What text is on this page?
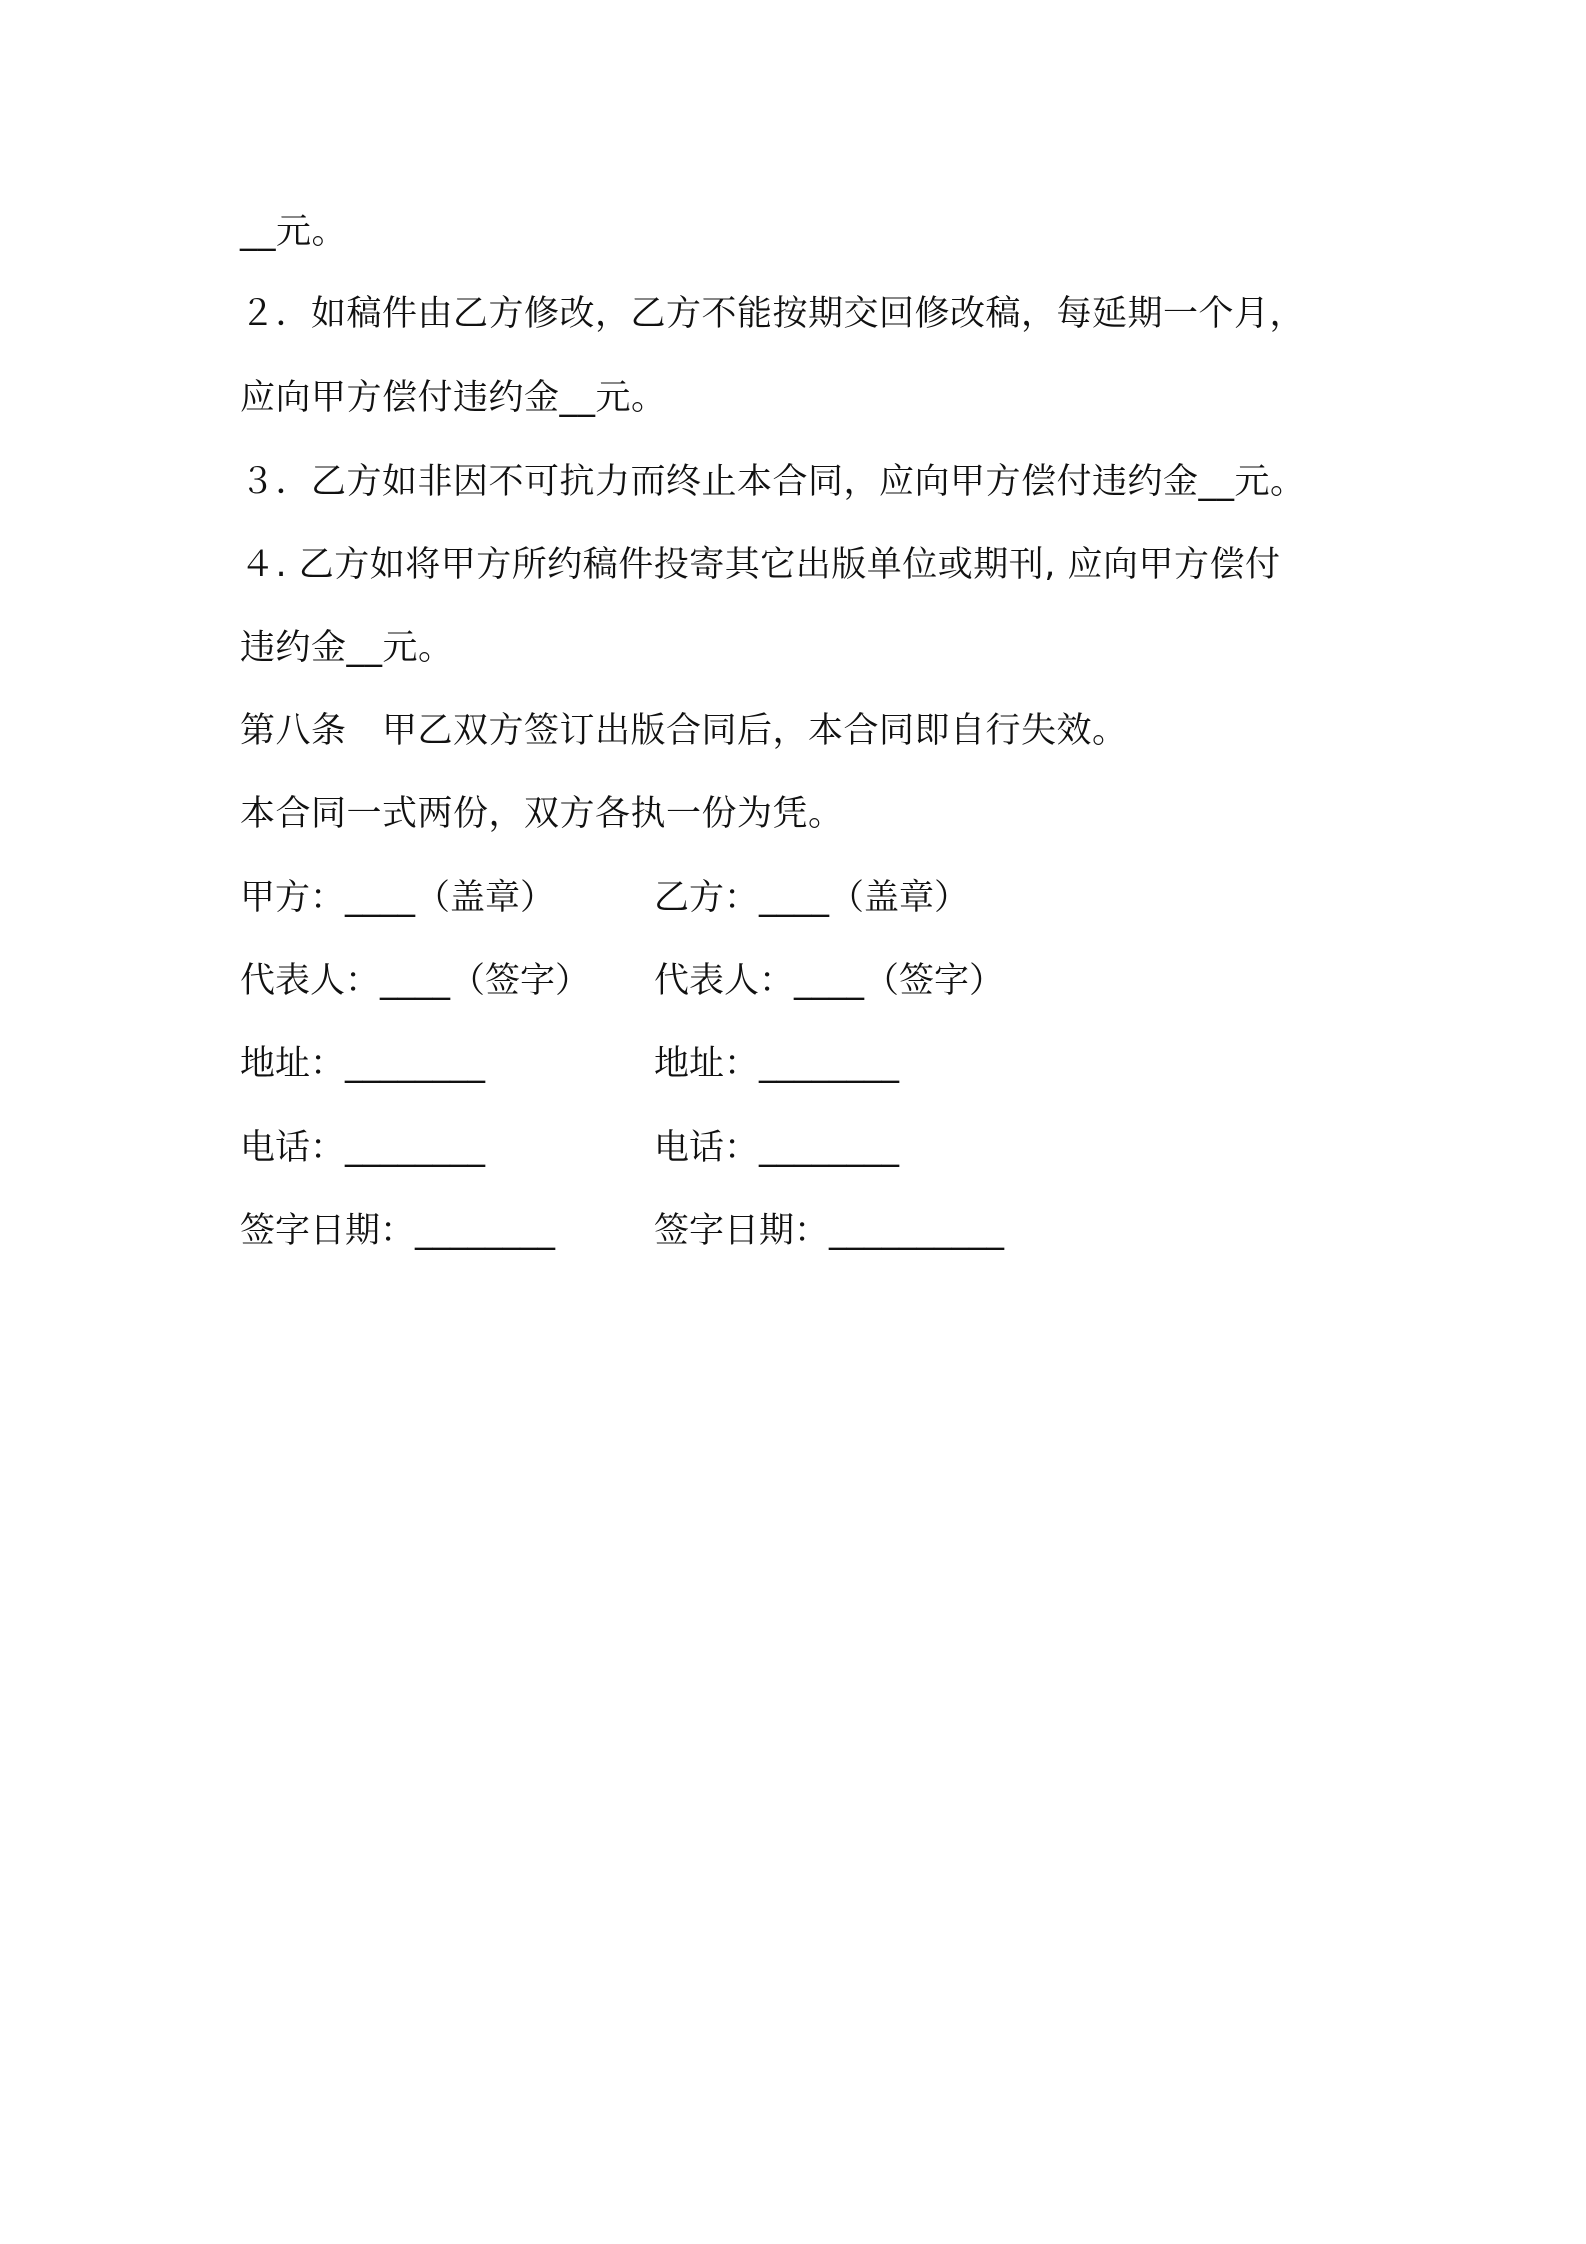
__元。
２．如稿件由乙方修改，乙方不能按期交回修改稿，每延期一个月，
应向甲方偿付违约金__元。
３．乙方如非因不可抗力而终止本合同，应向甲方偿付违约金__元。
４. 乙方如将甲方所约稿件投寄其它出版单位或期刊, 应向甲方偿付
违约金__元。
第八条　甲乙双方签订出版合同后，本合同即自行失效。
本合同一式两份，双方各执一份为凭。
甲方：____（盖章）	乙方：____（盖章）
代表人：____（签字） 代表人：____（签字）
地址：________	地址：________
电话：________	电话：________
签字日期：________	签字日期：__________
